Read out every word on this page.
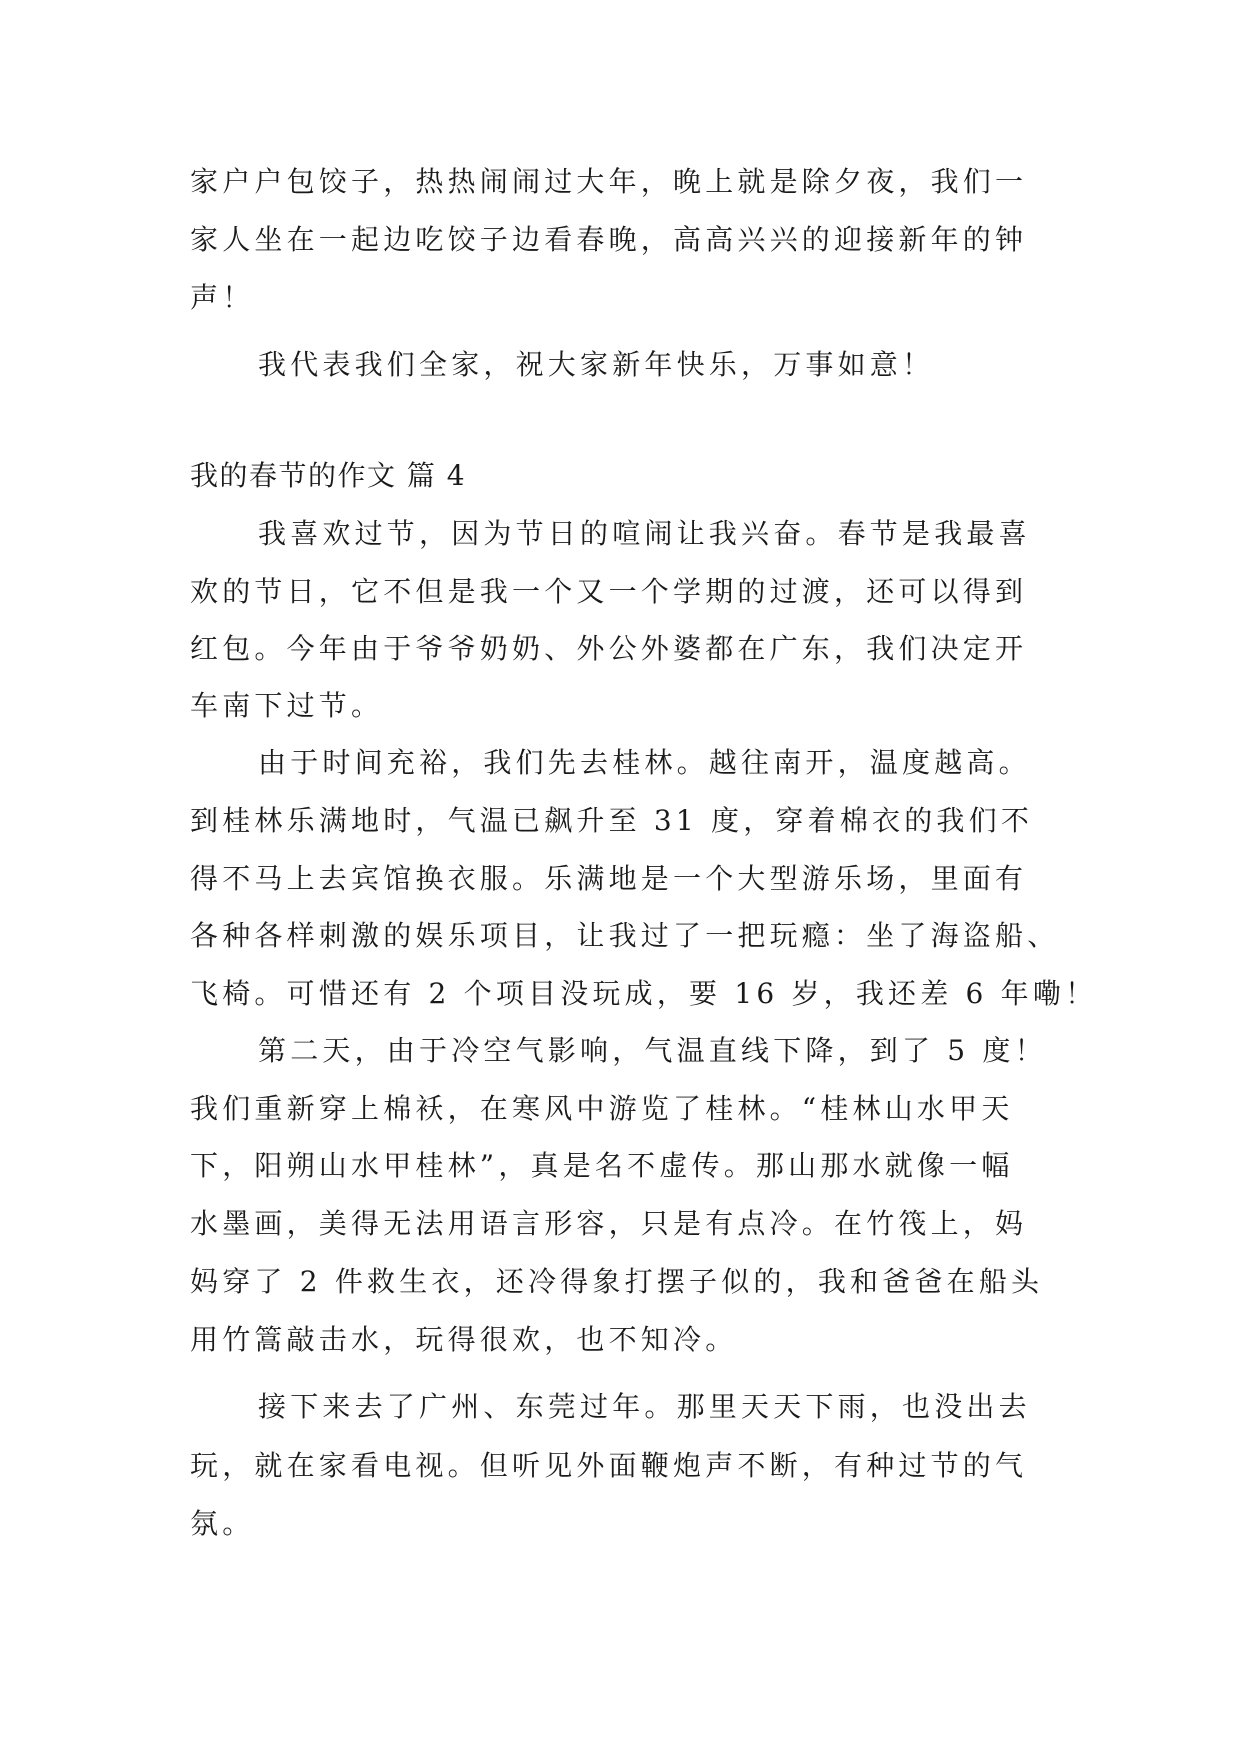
家户户包饺子，热热闹闹过大年，晚上就是除夕夜，我们一

家人坐在一起边吃饺子边看春晚，高高兴兴的迎接新年的钟

声！

我代表我们全家，祝大家新年快乐，万事如意！

我的春节的作文 篇 4

我喜欢过节，因为节日的喧闹让我兴奋。春节是我最喜

欢的节日，它不但是我一个又一个学期的过渡，还可以得到

红包。今年由于爷爷奶奶、外公外婆都在广东，我们决定开

车南下过节。

由于时间充裕，我们先去桂林。越往南开，温度越高。

到桂林乐满地时，气温已飙升至 31 度，穿着棉衣的我们不

得不马上去宾馆换衣服。乐满地是一个大型游乐场，里面有

各种各样刺激的娱乐项目，让我过了一把玩瘾：坐了海盗船、

飞椅。可惜还有 2 个项目没玩成，要 16 岁，我还差 6 年嘞！

第二天，由于冷空气影响，气温直线下降，到了 5 度！

我们重新穿上棉袄，在寒风中游览了桂林。“桂林山水甲天

下，阳朔山水甲桂林”，真是名不虚传。那山那水就像一幅

水墨画，美得无法用语言形容，只是有点冷。在竹筏上，妈

妈穿了 2 件救生衣，还冷得象打摆子似的，我和爸爸在船头

用竹篙敲击水，玩得很欢，也不知冷。

接下来去了广州、东莞过年。那里天天下雨，也没出去

玩，就在家看电视。但听见外面鞭炮声不断，有种过节的气

氛。
